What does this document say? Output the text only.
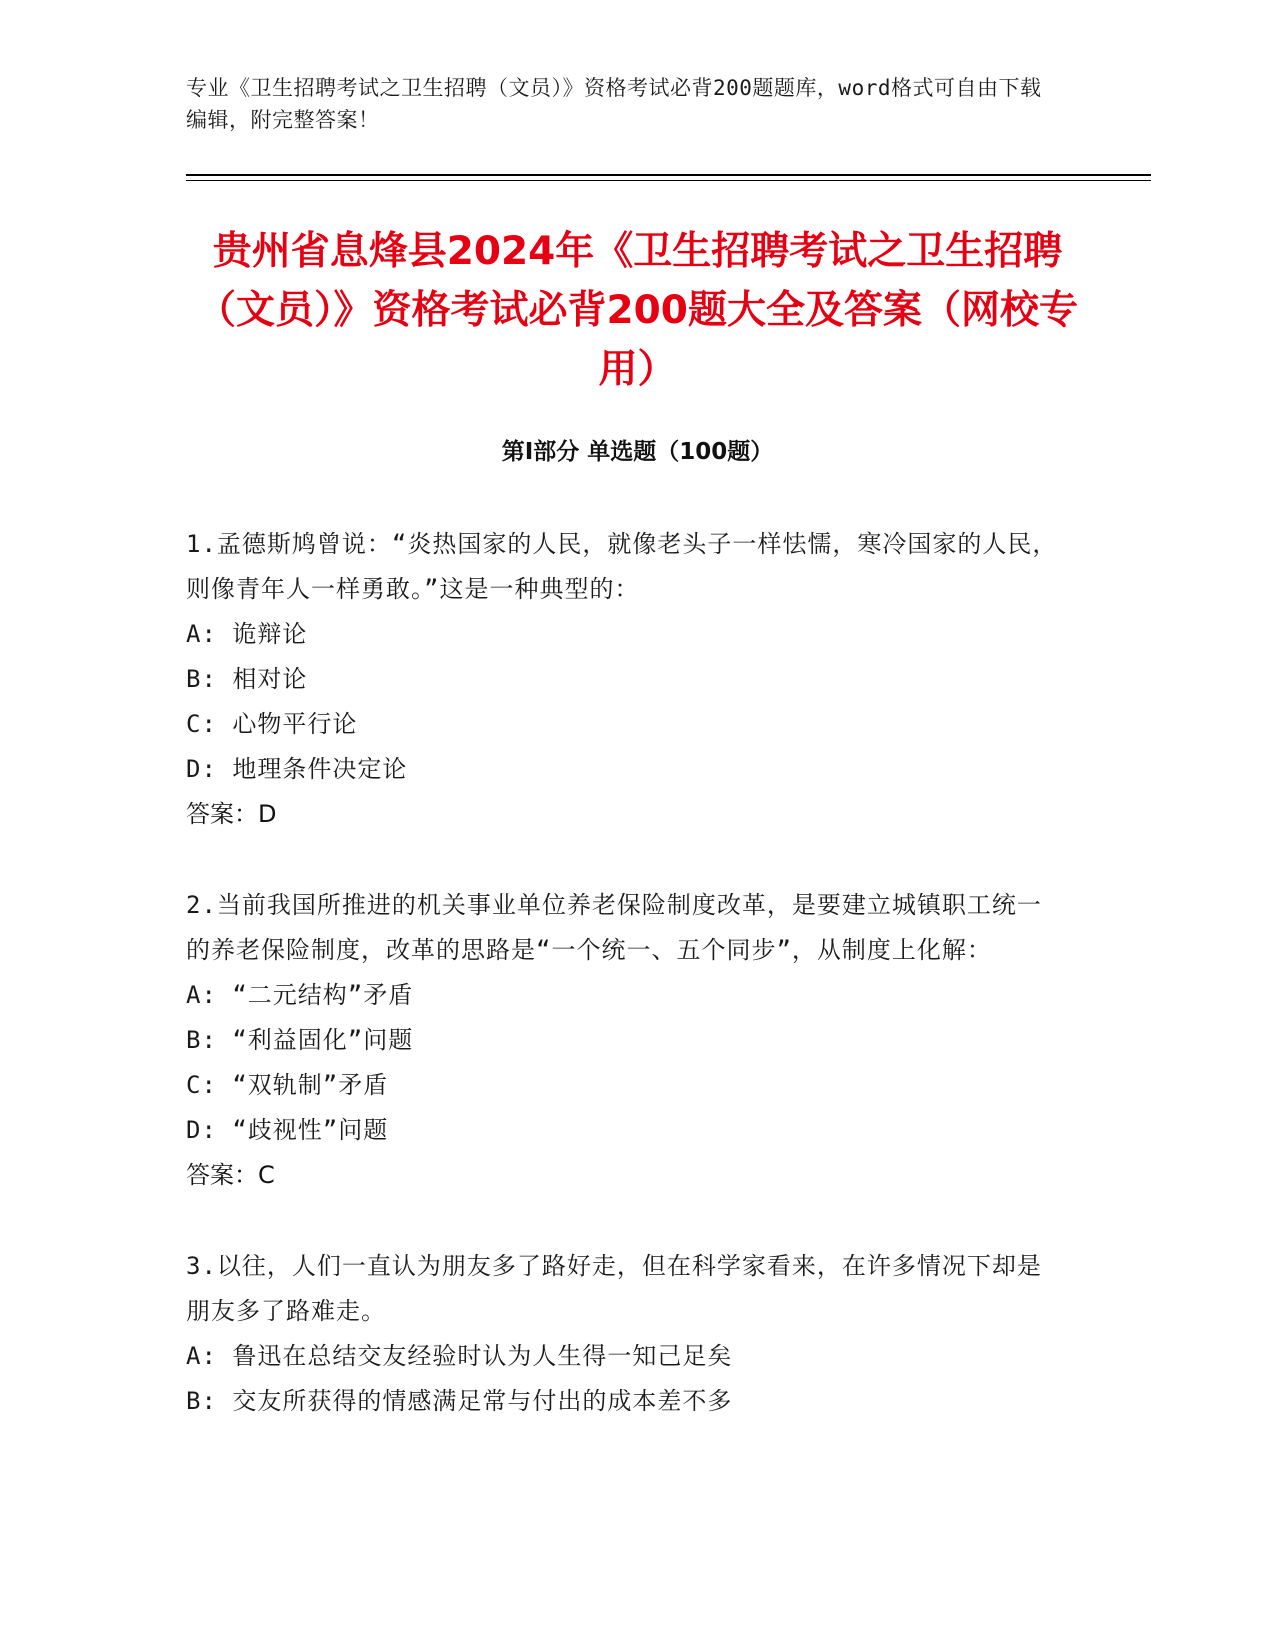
专业《卫生招聘考试之卫生招聘（文员）》资格考试必背200题题库，word格式可自由下载编辑，附完整答案！
贵州省息烽县2024年《卫生招聘考试之卫生招聘（文员）》资格考试必背200题大全及答案（网校专用）
第Ⅰ部分 单选题（100题）
1.孟德斯鸠曾说：“炎热国家的人民，就像老头子一样怯懦，寒冷国家的人民，则像青年人一样勇敢。”这是一种典型的：
A: 诡辩论
B: 相对论
C: 心物平行论
D: 地理条件决定论
答案：D
2.当前我国所推进的机关事业单位养老保险制度改革，是要建立城镇职工统一的养老保险制度，改革的思路是“一个统一、五个同步”，从制度上化解：
A: “二元结构”矛盾
B: “利益固化”问题
C: “双轨制”矛盾
D: “歧视性”问题
答案：C
3.以往，人们一直认为朋友多了路好走，但在科学家看来，在许多情况下却是朋友多了路难走。
A: 鲁迅在总结交友经验时认为人生得一知己足矣
B: 交友所获得的情感满足常与付出的成本差不多
